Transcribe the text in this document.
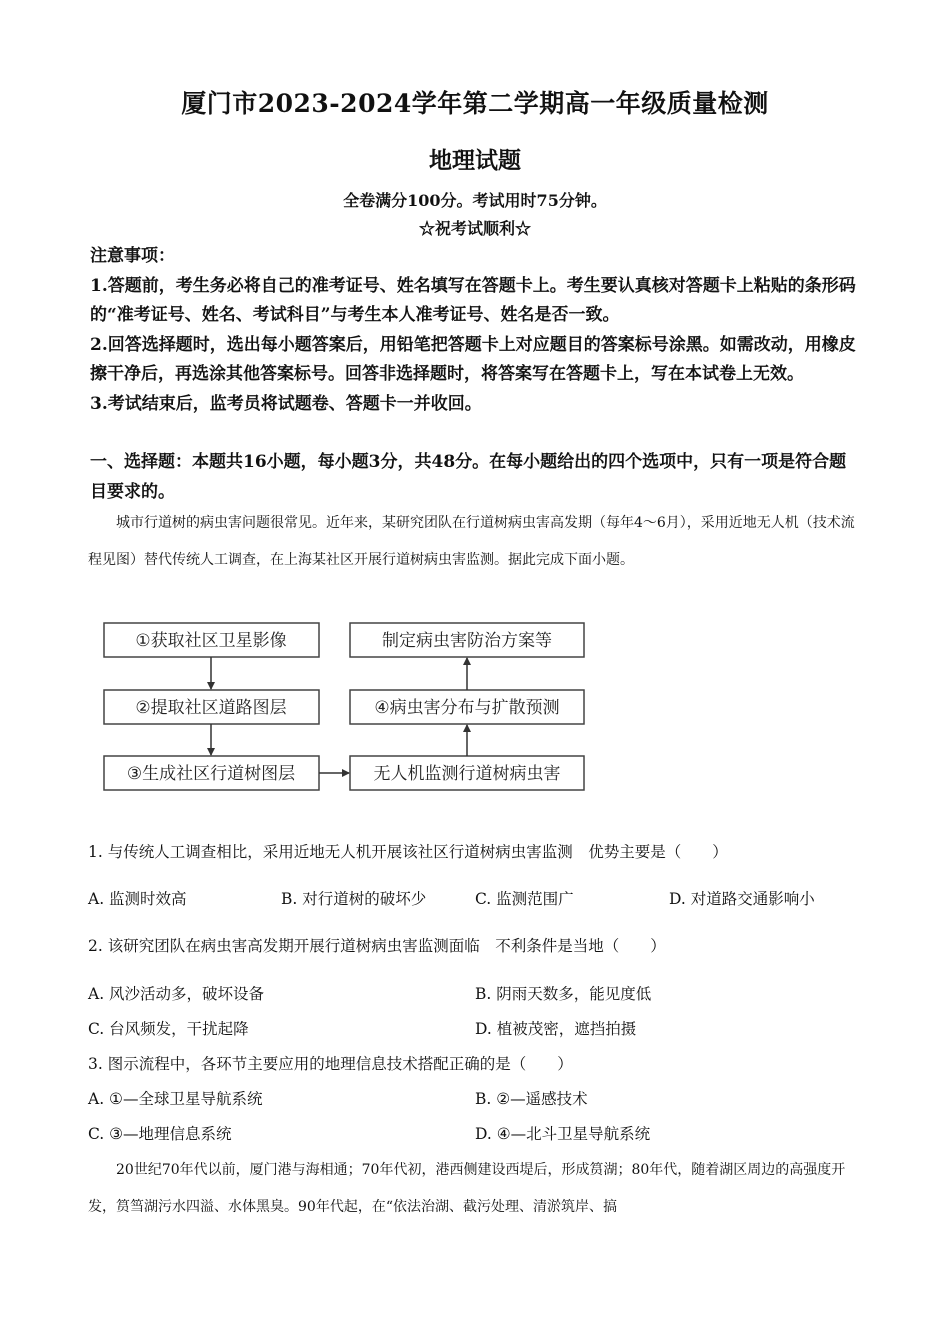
厦门市2023-2024学年第二学期高一年级质量检测
地理试题
全卷满分100分。考试用时75分钟。
☆祝考试顺利☆
注意事项：
1.答题前，考生务必将自己的准考证号、姓名填写在答题卡上。考生要认真核对答题卡上粘贴的条形码的“准考证号、姓名、考试科目”与考生本人准考证号、姓名是否一致。
2.回答选择题时，选出每小题答案后，用铅笔把答题卡上对应题目的答案标号涂黑。如需改动，用橡皮擦干净后，再选涂其他答案标号。回答非选择题时，将答案写在答题卡上，写在本试卷上无效。
3.考试结束后，监考员将试题卷、答题卡一并收回。
一、选择题：本题共16小题，每小题3分，共48分。在每小题给出的四个选项中，只有一项是符合题目要求的。
城市行道树的病虫害问题很常见。近年来，某研究团队在行道树病虫害高发期（每年4～6月），采用近地无人机（技术流程见图）替代传统人工调查，在上海某社区开展行道树病虫害监测。据此完成下面小题。
①获取社区卫星影像
②提取社区道路图层
③生成社区行道树图层
制定病虫害防治方案等
④病虫害分布与扩散预测
无人机监测行道树病虫害
1. 与传统人工调查相比，采用近地无人机开展该社区行道树病虫害监测　优势主要是（　　）
A. 监测时效高	B. 对行道树的破坏少	C. 监测范围广	D. 对道路交通影响小
2. 该研究团队在病虫害高发期开展行道树病虫害监测面临　不利条件是当地（　　）
A. 风沙活动多，破坏设备	B. 阴雨天数多，能见度低
C. 台风频发，干扰起降	D. 植被茂密，遮挡拍摄
3. 图示流程中，各环节主要应用的地理信息技术搭配正确的是（　　）
A. ①—全球卫星导航系统	B. ②—遥感技术
C. ③—地理信息系统	D. ④—北斗卫星导航系统
20世纪70年代以前，厦门港与海相通；70年代初，港西侧建设西堤后，形成筼湖；80年代，随着湖区周边的高强度开发，筼筜湖污水四溢、水体黑臭。90年代起，在“依法治湖、截污处理、清淤筑岸、搞
